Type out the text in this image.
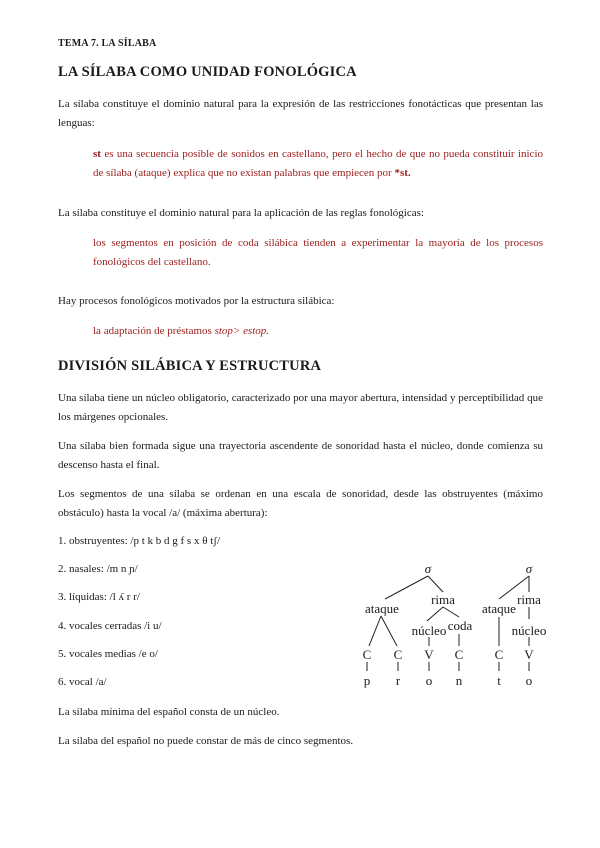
TEMA 7. LA SÍLABA
LA SÍLABA COMO UNIDAD FONOLÓGICA

La sílaba constituye el dominio natural para la expresión de las restricciones fonotácticas que presentan las lenguas:

st es una secuencia posible de sonidos en castellano, pero el hecho de que no pueda constituir inicio de sílaba (ataque) explica que no existan palabras que empiecen por *st.

La sílaba constituye el dominio natural para la aplicación de las reglas fonológicas:

los segmentos en posición de coda silábica tienden a experimentar la mayoría de los procesos fonológicos del castellano.

Hay procesos fonológicos motivados por la estructura silábica:

la adaptación de préstamos stop> estop.

DIVISIÓN SILÁBICA Y ESTRUCTURA

Una sílaba tiene un núcleo obligatorio, caracterizado por una mayor abertura, intensidad y perceptibilidad que los márgenes opcionales.

Una sílaba bien formada sigue una trayectoria ascendente de sonoridad hasta el núcleo, donde comienza su descenso hasta el final.

Los segmentos de una sílaba se ordenan en una escala de sonoridad, desde las obstruyentes (máximo obstáculo) hasta la vocal /a/ (máxima abertura):

1. obstruyentes: /p t k b d g f s x θ tʃ/
2. nasales: /m n ɲ/
3. líquidas: /l ʎ r r/
4. vocales cerradas /i u/
5. vocales medias /e o/
6. vocal /a/

La sílaba mínima del español consta de un núcleo.

La sílaba del español no puede constar de más de cinco segmentos.

σ	σ
rima	rima
ataque	ataque
núcleo coda	núcleo
C C V C C V
p r o n	t o
